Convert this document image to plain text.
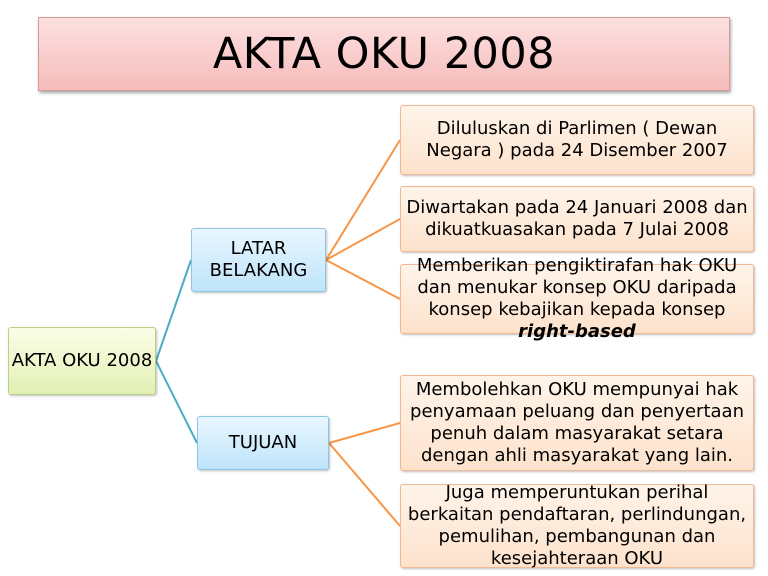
AKTA OKU 2008
AKTA OKU 2008
LATAR BELAKANG
TUJUAN
Diluluskan di Parlimen ( Dewan Negara ) pada 24 Disember 2007
Diwartakan pada 24 Januari 2008 dan dikuatkuasakan pada 7 Julai 2008
Memberikan pengiktirafan hak OKU dan menukar konsep OKU daripada konsep kebajikan kepada konsep right-based
Membolehkan OKU mempunyai hak penyamaan peluang dan penyertaan penuh dalam masyarakat setara dengan ahli masyarakat yang lain.
Juga memperuntukan perihal berkaitan pendaftaran, perlindungan, pemulihan, pembangunan dan kesejahteraan OKU
